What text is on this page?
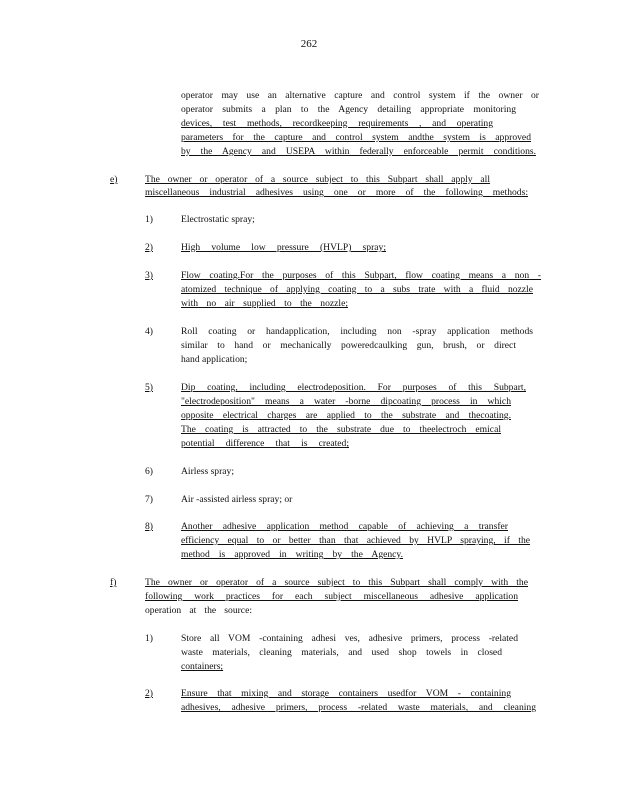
262
operator may use an alternative capture and control system if the owner or
operator submits a plan to the Agency detailing appropriate monitoring
devices, test methods, recordkeeping requirements , and operating
parameters for the capture and control system andthe system is approved
by the Agency and USEPA within federally enforceable permit conditions.
e)	The owner or operator of a source subject to this Subpart shall apply all
miscellaneous industrial adhesives using one or more of the following methods:
1)	Electrostatic spray;
2)	High volume low pressure (HVLP) spray;
3)	Flow coating.For the purposes of this Subpart, flow coating means a non -
atomized technique of applying coating to a subs trate with a fluid nozzle
with no air supplied to the nozzle;
4)	Roll coating or handapplication, including non -spray application methods
similar to hand or mechanically poweredcaulking gun, brush, or direct
hand application;
5)	Dip coating, including electrodeposition. For purposes of this Subpart,
"electrodeposition" means a water -borne dipcoating process in which
opposite electrical charges are applied to the substrate and thecoating.
The coating is attracted to the substrate due to theelectroch emical
potential difference that is created;
6)	Airless spray;
7)	Air -assisted airless spray; or
8)	Another adhesive application method capable of achieving a transfer
efficiency equal to or better than that achieved by HVLP spraying, if the
method is approved in writing by the Agency.
f)	The owner or operator of a source subject to this Subpart shall comply with the
following work practices for each subject miscellaneous adhesive application
operation at the source:
1)	Store all VOM -containing adhesi ves, adhesive primers, process -related
waste materials, cleaning materials, and used shop towels in closed
containers;
2)	Ensure that mixing and storage containers usedfor VOM - containing
adhesives, adhesive primers, process -related waste materials, and cleaning
